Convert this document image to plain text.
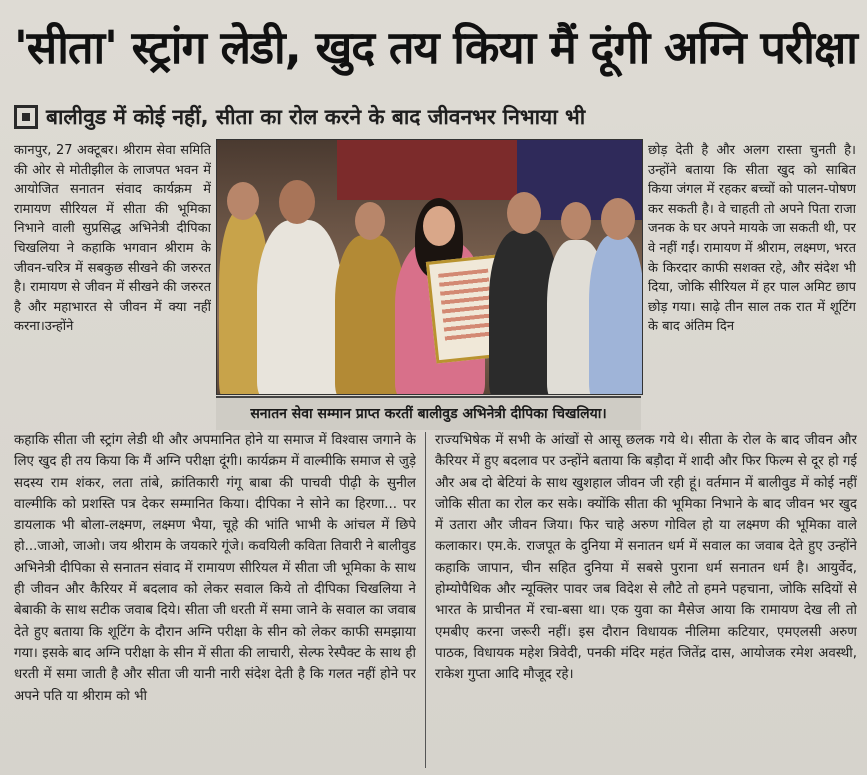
'सीता' स्ट्रांग लेडी, खुद तय किया मैं दूंगी अग्नि परीक्षा
बालीवुड में कोई नहीं, सीता का रोल करने के बाद जीवनभर निभाया भी
कानपुर, 27 अक्टूबर। श्रीराम सेवा समिति की ओर से मोतीझील के लाजपत भवन में आयोजित सनातन संवाद कार्यक्रम में रामायण सीरियल में सीता की भूमिका निभाने वाली सुप्रसिद्ध अभिनेत्री दीपिका चिखलिया ने कहाकि भगवान श्रीराम के जीवन-चरित्र में सबकुछ सीखने की जरुरत है। रामायण से जीवन में सीखने की जरुरत है और महाभारत से जीवन में क्या नहीं करना।उन्होंने
सनातन सेवा सम्मान प्राप्त करतीं बालीवुड अभिनेत्री दीपिका चिखलिया।
छोड़ देती है और अलग रास्ता चुनती है। उन्होंने बताया कि सीता खुद को साबित किया जंगल में रहकर बच्चों को पालन-पोषण कर सकती है। वे चाहती तो अपने पिता राजा जनक के घर अपने मायके जा सकती थी, पर वे नहीं गईं। रामायण में श्रीराम, लक्ष्मण, भरत के किरदार काफी सशक्त रहे, और संदेश भी दिया, जोकि सीरियल में हर पाल अमिट छाप छोड़ गया। साढ़े तीन साल तक रात में शूटिंग के बाद अंतिम दिन
कहाकि सीता जी स्ट्रांग लेडी थी और अपमानित होने या समाज में विश्वास जगाने के लिए खुद ही तय किया कि मैं अग्नि परीक्षा दूंगी। कार्यक्रम में वाल्मीकि समाज से जुड़े सदस्य राम शंकर, लता तांबे, क्रांतिकारी गंगू बाबा की पाचवी पीढ़ी के सुनील वाल्मीकि को प्रशस्ति पत्र देकर सम्मानित किया। दीपिका ने सोने का हिरणा... पर डायलाक भी बोला-लक्ष्मण, लक्ष्मण भैया, चूहे की भांति भाभी के आंचल में छिपे हो...जाओ, जाओ। जय श्रीराम के जयकारे गूंजे। कवयिली कविता तिवारी ने बालीवुड अभिनेत्री दीपिका से सनातन संवाद में रामायण सीरियल में सीता जी भूमिका के साथ ही जीवन और कैरियर में बदलाव को लेकर सवाल किये तो दीपिका चिखलिया ने बेबाकी के साथ सटीक जवाब दिये। सीता जी धरती में समा जाने के सवाल का जवाब देते हुए बताया कि शूटिंग के दौरान अग्नि परीक्षा के सीन को लेकर काफी समझाया गया। इसके बाद अग्नि परीक्षा के सीन में सीता की लाचारी, सेल्फ रेस्पैक्ट के साथ ही धरती में समा जाती है और सीता जी यानी नारी संदेश देती है कि गलत नहीं होने पर अपने पति या श्रीराम को भी
राज्यभिषेक में सभी के आंखों से आसू छलक गये थे। सीता के रोल के बाद जीवन और कैरियर में हुए बदलाव पर उन्होंने बताया कि बड़ौदा में शादी और फिर फिल्म से दूर हो गई और अब दो बेटियां के साथ खुशहाल जीवन जी रही हूं। वर्तमान में बालीवुड में कोई नहीं जोकि सीता का रोल कर सके। क्योंकि सीता की भूमिका निभाने के बाद जीवन भर खुद में उतारा और जीवन जिया। फिर चाहे अरुण गोविल हो या लक्ष्मण की भूमिका वाले कलाकार। एम.के. राजपूत के दुनिया में सनातन धर्म में सवाल का जवाब देते हुए उन्होंने कहाकि जापान, चीन सहित दुनिया में सबसे पुराना धर्म सनातन धर्म है। आयुर्वेद, होम्योपैथिक और न्यूक्लिर पावर जब विदेश से लौटे तो हमने पहचाना, जोकि सदियों से भारत के प्राचीनत में रचा-बसा था। एक युवा का मैसेज आया कि रामायण देख ली तो एमबीए करना जरूरी नहीं। इस दौरान विधायक नीलिमा कटियार, एमएलसी अरुण पाठक, विधायक महेश त्रिवेदी, पनकी मंदिर महंत जितेंद्र दास, आयोजक रमेश अवस्थी, राकेश गुप्ता आदि मौजूद रहे।
